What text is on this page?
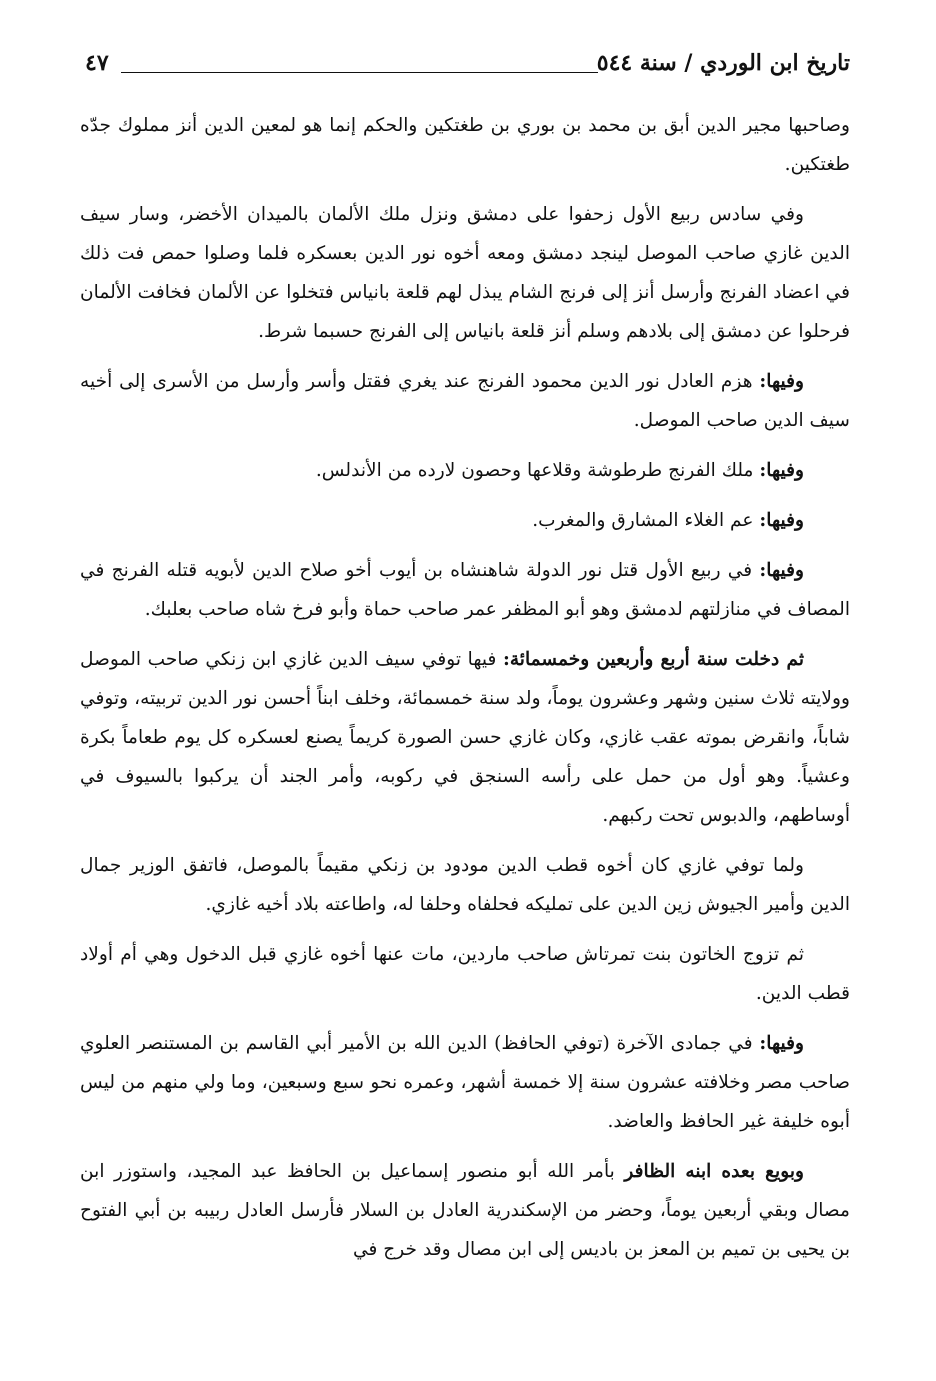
تاريخ ابن الوردي / سنة ٥٤٤
٤٧

وصاحبها مجير الدين أبق بن محمد بن بوري بن طغتكين والحكم إنما هو لمعين الدين أنز مملوك جدّه طغتكين.

وفي سادس ربيع الأول زحفوا على دمشق ونزل ملك الألمان بالميدان الأخضر، وسار سيف الدين غازي صاحب الموصل لينجد دمشق ومعه أخوه نور الدين بعسكره فلما وصلوا حمص فت ذلك في اعضاد الفرنج وأرسل أنز إلى فرنج الشام يبذل لهم قلعة بانياس فتخلوا عن الألمان فخافت الألمان فرحلوا عن دمشق إلى بلادهم وسلم أنز قلعة بانياس إلى الفرنج حسبما شرط.

وفيها: هزم العادل نور الدين محمود الفرنج عند يغري فقتل وأسر وأرسل من الأسرى إلى أخيه سيف الدين صاحب الموصل.

وفيها: ملك الفرنج طرطوشة وقلاعها وحصون لارده من الأندلس.

وفيها: عم الغلاء المشارق والمغرب.

وفيها: في ربيع الأول قتل نور الدولة شاهنشاه بن أيوب أخو صلاح الدين لأبويه قتله الفرنج في المصاف في منازلتهم لدمشق وهو أبو المظفر عمر صاحب حماة وأبو فرخ شاه صاحب بعلبك.

ثم دخلت سنة أربع وأربعين وخمسمائة: فيها توفي سيف الدين غازي ابن زنكي صاحب الموصل وولايته ثلاث سنين وشهر وعشرون يوماً، ولد سنة خمسمائة، وخلف ابناً أحسن نور الدين تربيته، وتوفي شاباً، وانقرض بموته عقب غازي، وكان غازي حسن الصورة كريماً يصنع لعسكره كل يوم طعاماً بكرة وعشياً. وهو أول من حمل على رأسه السنجق في ركوبه، وأمر الجند أن يركبوا بالسيوف في أوساطهم، والدبوس تحت ركبهم.

ولما توفي غازي كان أخوه قطب الدين مودود بن زنكي مقيماً بالموصل، فاتفق الوزير جمال الدين وأمير الجيوش زين الدين على تمليكه فحلفاه وحلفا له، واطاعته بلاد أخيه غازي.

ثم تزوج الخاتون بنت تمرتاش صاحب ماردين، مات عنها أخوه غازي قبل الدخول وهي أم أولاد قطب الدين.

وفيها: في جمادى الآخرة (توفي الحافظ) الدين الله بن الأمير أبي القاسم بن المستنصر العلوي صاحب مصر وخلافته عشرون سنة إلا خمسة أشهر، وعمره نحو سبع وسبعين، وما ولي منهم من ليس أبوه خليفة غير الحافظ والعاضد.

وبويع بعده ابنه الظافر بأمر الله أبو منصور إسماعيل بن الحافظ عبد المجيد، واستوزر ابن مصال وبقي أربعين يوماً، وحضر من الإسكندرية العادل بن السلار فأرسل العادل ربيبه بن أبي الفتوح بن يحيى بن تميم بن المعز بن باديس إلى ابن مصال وقد خرج في
